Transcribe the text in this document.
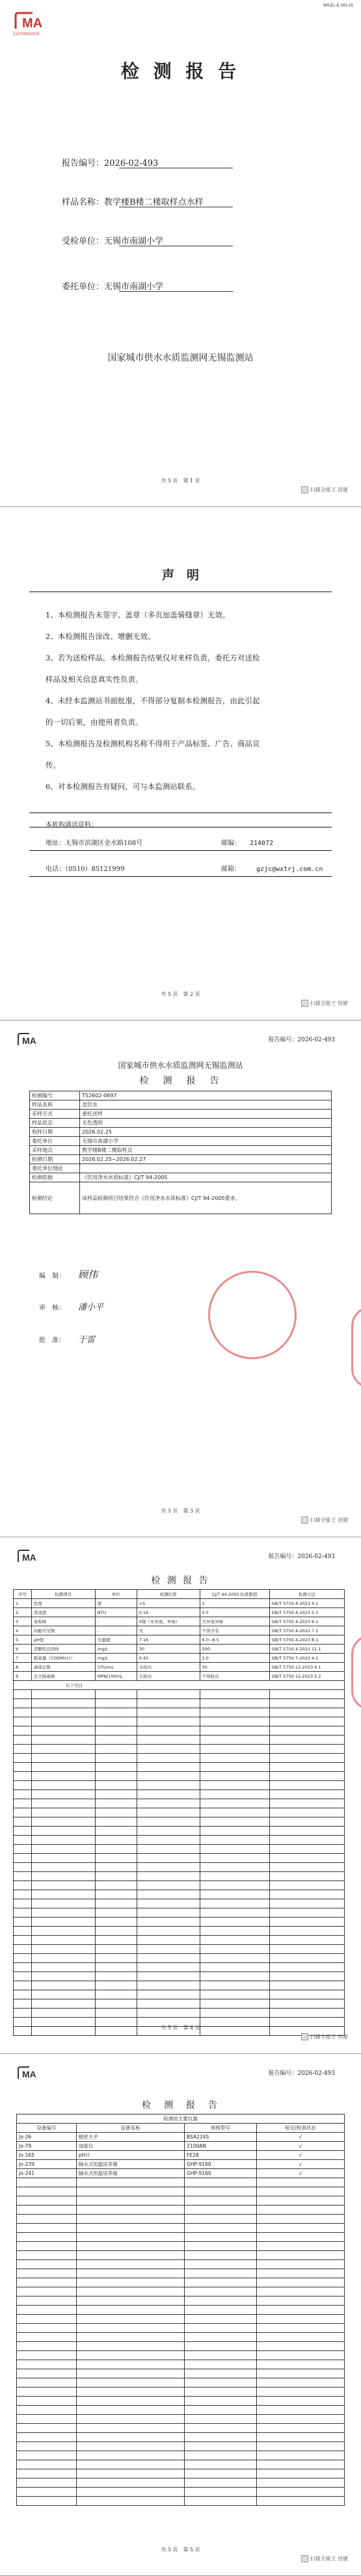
WXJC-JL-001-01
MA
210700052419
检 测 报 告
报告编号：2026-02-493
样品名称：教学楼B楼二楼取样点水样
受检单位：无锡市南湖小学
委托单位：无锡市南湖小学
国家城市供水水质监测网无锡监测站
共 5 页　第 1 页
扫描全能王 创建
声　明
1、本检测报告未签字、盖章（多页加盖骑缝章）无效。
2、本检测报告涂改、增删无效。
3、若为送检样品，本检测报告结果仅对来样负责，委托方对送检
样品及相关信息真实性负责。
4、未经本监测站书面批准，不得部分复制本检测报告，由此引起
的一切后果，由使用者负责。
5、本检测报告及检测机构名称不得用于产品标签、广告、商品宣
传。
6、对本检测报告有疑问，可与本监测站联系。
本机构通讯资料：
地址：无锡市滨湖区金水路108号	邮编： 214072
电话：（0510）85121999	邮箱： gzjc@wxtrj.com.cn
共 5 页　第 2 页
扫描全能王 创建
MA	报告编号：2026-02-493
国家城市供水水质监测网无锡监测站
检　测　报　告
检测编号	TS2602-0697
样品名称	直饮水
采样方式	委托送样
样品状态	无色透明
收样日期	2026.02.25
委托单位	无锡市南湖小学
采样地点	教学楼B楼二楼取样点
检测日期	2026.02.25~2026.02.27
委托单位地址	
检测依据	《饮用净水水质标准》CJ/T 94-2005
检测结论	该样品检测项目结果符合《饮用净水水质标准》CJ/T 94-2005要求。
编　制： 顾伟
审　核： 潘小平
批　准： 于雷
共 5 页　第 3 页
扫描全能王 创建
MA	报告编号：2026-02-493
检 测 报 告
序号	检测项目	单位	检测结果	CJ/T 94-2005 标准限值	检测方法
1	色度	度	<5	5	GB/T 5750.4-2023 4.1
2	浑浊度	NTU	0.16	0.5	GB/T 5750.4-2023 5.1
3	臭和味	-	0级（无异臭、异味）	无异臭异味	GB/T 5750.4-2023 6.1
4	肉眼可见物	-	无	不得含有	GB/T 5750.4-2023 7.1
5	pH值	无量纲	7.16	6.0~8.5	GB/T 5750.4-2023 8.1
6	溶解性总固体	mg/L	30	500	GB/T 5750.4-2023 11.1
7	耗氧量（CODMn计）	mg/L	0.42	2.0	GB/T 5750.7-2023 4.1
8	菌落总数	CFU/mL	未检出	50	GB/T 5750.12-2023 4.1
9	总大肠菌群	MPN/100mL	未检出	不得检出	GB/T 5750.12-2023 5.2
以下空白					

共 5 页　第 4 页
扫描全能王 创建
MA	报告编号：2026-02-493
检　测　报　告
检测用主要仪器			
设备编号	设备名称	规格型号	检定/校准状态
Jo-26	精密天平	BSA224S	√
Jo-79	浊度仪	2100AN	√
Jo-165	pH计	FE28	√
Jo-239	隔水式恒温培养箱	GHP-9160	√
Jo-241	隔水式恒温培养箱	GHP-9160	√

共 5 页　第 5 页
扫描全能王 创建
